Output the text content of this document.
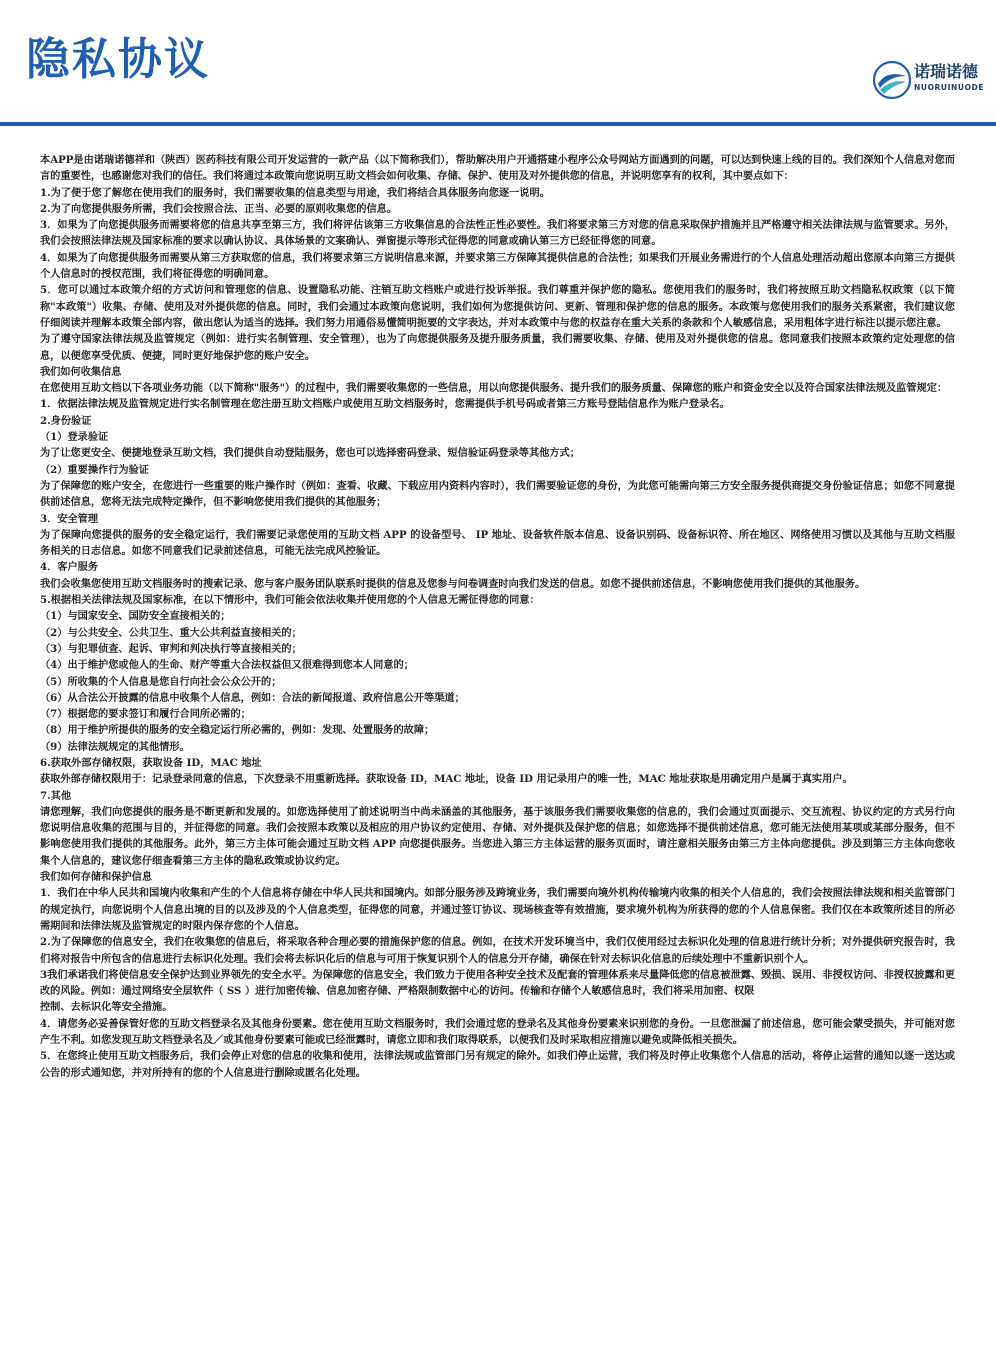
隐私协议	诺瑞诺德
NUORUINUODE

本APP是由诺瑞诺德祥和（陕西）医药科技有限公司开发运营的一款产品（以下简称我们），帮助解决用户开通搭建小程序公众号网站方面遇到的问题，可以达到快速上线的目的。我们深知个人信息对您而言的重要性，也感谢您对我们的信任。我们将通过本政策向您说明互助文档会如何收集、存储、保护、使用及对外提供您的信息，并说明您享有的权利，其中要点如下：

1.为了便于您了解您在使用我们的服务时，我们需要收集的信息类型与用途，我们将结合具体服务向您逐一说明。

2.为了向您提供服务所需，我们会按照合法、正当、必要的原则收集您的信息。

3．如果为了向您提供服务而需要将您的信息共享至第三方，我们将评估该第三方收集信息的合法性正性必要性。我们将要求第三方对您的信息采取保护措施并且严格遵守相关法律法规与监管要求。另外，我们会按照法律法规及国家标准的要求以确认协议、具体场景的文案确认、弹窗提示等形式征得您的同意或确认第三方已经征得您的同意。

4．如果为了向您提供服务而需要从第三方获取您的信息，我们将要求第三方说明信息来源，并要求第三方保障其提供信息的合法性；如果我们开展业务需进行的个人信息处理活动超出您原本向第三方提供个人信息时的授权范围，我们将征得您的明确同意。

5．您可以通过本政策介绍的方式访问和管理您的信息、设置隐私功能、注销互助文档账户或进行投诉举报。我们尊重并保护您的隐私。您使用我们的服务时，我们将按照互助文档隐私权政策（以下简称"本政策"）收集、存储、使用及对外提供您的信息。同时，我们会通过本政策向您说明，我们如何为您提供访问、更新、管理和保护您的信息的服务。本政策与您使用我们的服务关系紧密，我们建议您仔细阅读并理解本政策全部内容，做出您认为适当的选择。我们努力用通俗易懂简明扼要的文字表达，并对本政策中与您的权益存在重大关系的条款和个人敏感信息，采用粗体字进行标注以提示您注意。

为了遵守国家法律法规及监管规定（例如：进行实名制管理、安全管理），也为了向您提供服务及提升服务质量，我们需要收集、存储、使用及对外提供您的信息。您同意我们按照本政策约定处理您的信息，以便您享受优质、便捷，同时更好地保护您的账户安全。

我们如何收集信息

在您使用互助文档以下各项业务功能（以下简称"服务"）的过程中，我们需要收集您的一些信息，用以向您提供服务、提升我们的服务质量、保障您的账户和资金安全以及符合国家法律法规及监管规定：

1．依据法律法规及监管规定进行实名制管理在您注册互助文档账户或使用互助文档服务时，您需提供手机号码或者第三方账号登陆信息作为账户登录名。

2.身份验证

（1）登录验证

为了让您更安全、便捷地登录互助文档，我们提供自动登陆服务，您也可以选择密码登录、短信验证码登录等其他方式；

（2）重要操作行为验证

为了保障您的账户安全，在您进行一些重要的账户操作时（例如：查看、收藏、下载应用内资料内容时），我们需要验证您的身份，为此您可能需向第三方安全服务提供商提交身份验证信息；如您不同意提供前述信息，您将无法完成特定操作，但不影响您使用我们提供的其他服务；

3．安全管理

为了保障向您提供的服务的安全稳定运行，我们需要记录您使用的互助文档 APP 的设备型号、 IP 地址、设备软件版本信息、设备识别码、设备标识符、所在地区、网络使用习惯以及其他与互助文档服务相关的日志信息。如您不同意我们记录前述信息，可能无法完成风控验证。

4．客户服务

我们会收集您使用互助文档服务时的搜索记录、您与客户服务团队联系时提供的信息及您参与问卷调查时向我们发送的信息。如您不提供前述信息，不影响您使用我们提供的其他服务。

5.根据相关法律法规及国家标准，在以下情形中，我们可能会依法收集并使用您的个人信息无需征得您的同意：

（1）与国家安全、国防安全直接相关的；

（2）与公共安全、公共卫生、重大公共利益直接相关的；

（3）与犯罪侦查、起诉、审判和判决执行等直接相关的；

（4）出于维护您或他人的生命、财产等重大合法权益但又很难得到您本人同意的；

（5）所收集的个人信息是您自行向社会公众公开的；

（6）从合法公开披露的信息中收集个人信息，例如：合法的新闻报道、政府信息公开等渠道；

（7）根据您的要求签订和履行合同所必需的；

（8）用于维护所提供的服务的安全稳定运行所必需的，例如：发现、处置服务的故障；

（9）法律法规规定的其他情形。

6.获取外部存储权限，获取设备 ID，MAC 地址

获取外部存储权限用于：记录登录同意的信息，下次登录不用重新选择。获取设备 ID，MAC 地址，设备 ID 用记录用户的唯一性，MAC 地址获取是用确定用户是属于真实用户。

7.其他

请您理解，我们向您提供的服务是不断更新和发展的。如您选择使用了前述说明当中尚未涵盖的其他服务，基于该服务我们需要收集您的信息的，我们会通过页面提示、交互流程、协议约定的方式另行向您说明信息收集的范围与目的，并征得您的同意。我们会按照本政策以及相应的用户协议约定使用、存储、对外提供及保护您的信息；如您选择不提供前述信息，您可能无法使用某项或某部分服务，但不影响您使用我们提供的其他服务。此外，第三方主体可能会通过互助文档 APP 向您提供服务。当您进入第三方主体运营的服务页面时，请注意相关服务由第三方主体向您提供。涉及到第三方主体向您收集个人信息的，建议您仔细查看第三方主体的隐私政策或协议约定。

我们如何存储和保护信息

1．我们在中华人民共和国境内收集和产生的个人信息将存储在中华人民共和国境内。如部分服务涉及跨境业务，我们需要向境外机构传输境内收集的相关个人信息的，我们会按照法律法规和相关监管部门的规定执行，向您说明个人信息出境的目的以及涉及的个人信息类型，征得您的同意，并通过签订协议、现场核查等有效措施，要求境外机构为所获得的您的个人信息保密。我们仅在本政策所述目的所必需期间和法律法规及监管规定的时限内保存您的个人信息。

2.为了保障您的信息安全，我们在收集您的信息后，将采取各种合理必要的措施保护您的信息。例如，在技术开发环境当中，我们仅使用经过去标识化处理的信息进行统计分析；对外提供研究报告时，我们将对报告中所包含的信息进行去标识化处理。我们会将去标识化后的信息与可用于恢复识别个人的信息分开存储，确保在针对去标识化信息的后续处理中不重新识别个人。

3我们承诺我们将使信息安全保护达到业界领先的安全水平。为保障您的信息安全，我们致力于使用各种安全技术及配套的管理体系来尽量降低您的信息被泄露、毁损、误用、非授权访问、非授权披露和更改的风险。例如：通过网络安全层软件（ SS ）进行加密传输、信息加密存储、严格限制数据中心的访问。传输和存储个人敏感信息时，我们将采用加密、权限

控制、去标识化等安全措施。

4．请您务必妥善保管好您的互助文档登录名及其他身份要素。您在使用互助文档服务时，我们会通过您的登录名及其他身份要素来识别您的身份。一旦您泄漏了前述信息，您可能会蒙受损失，并可能对您产生不利。如您发现互助文档登录名及／或其他身份要素可能或已经泄露时，请您立即和我们取得联系，以便我们及时采取相应措施以避免或降低相关损失。

5．在您终止使用互助文档服务后，我们会停止对您的信息的收集和使用，法律法规或监管部门另有规定的除外。如我们停止运营，我们将及时停止收集您个人信息的活动，将停止运营的通知以逐一送达或公告的形式通知您，并对所持有的您的个人信息进行删除或匿名化处理。
